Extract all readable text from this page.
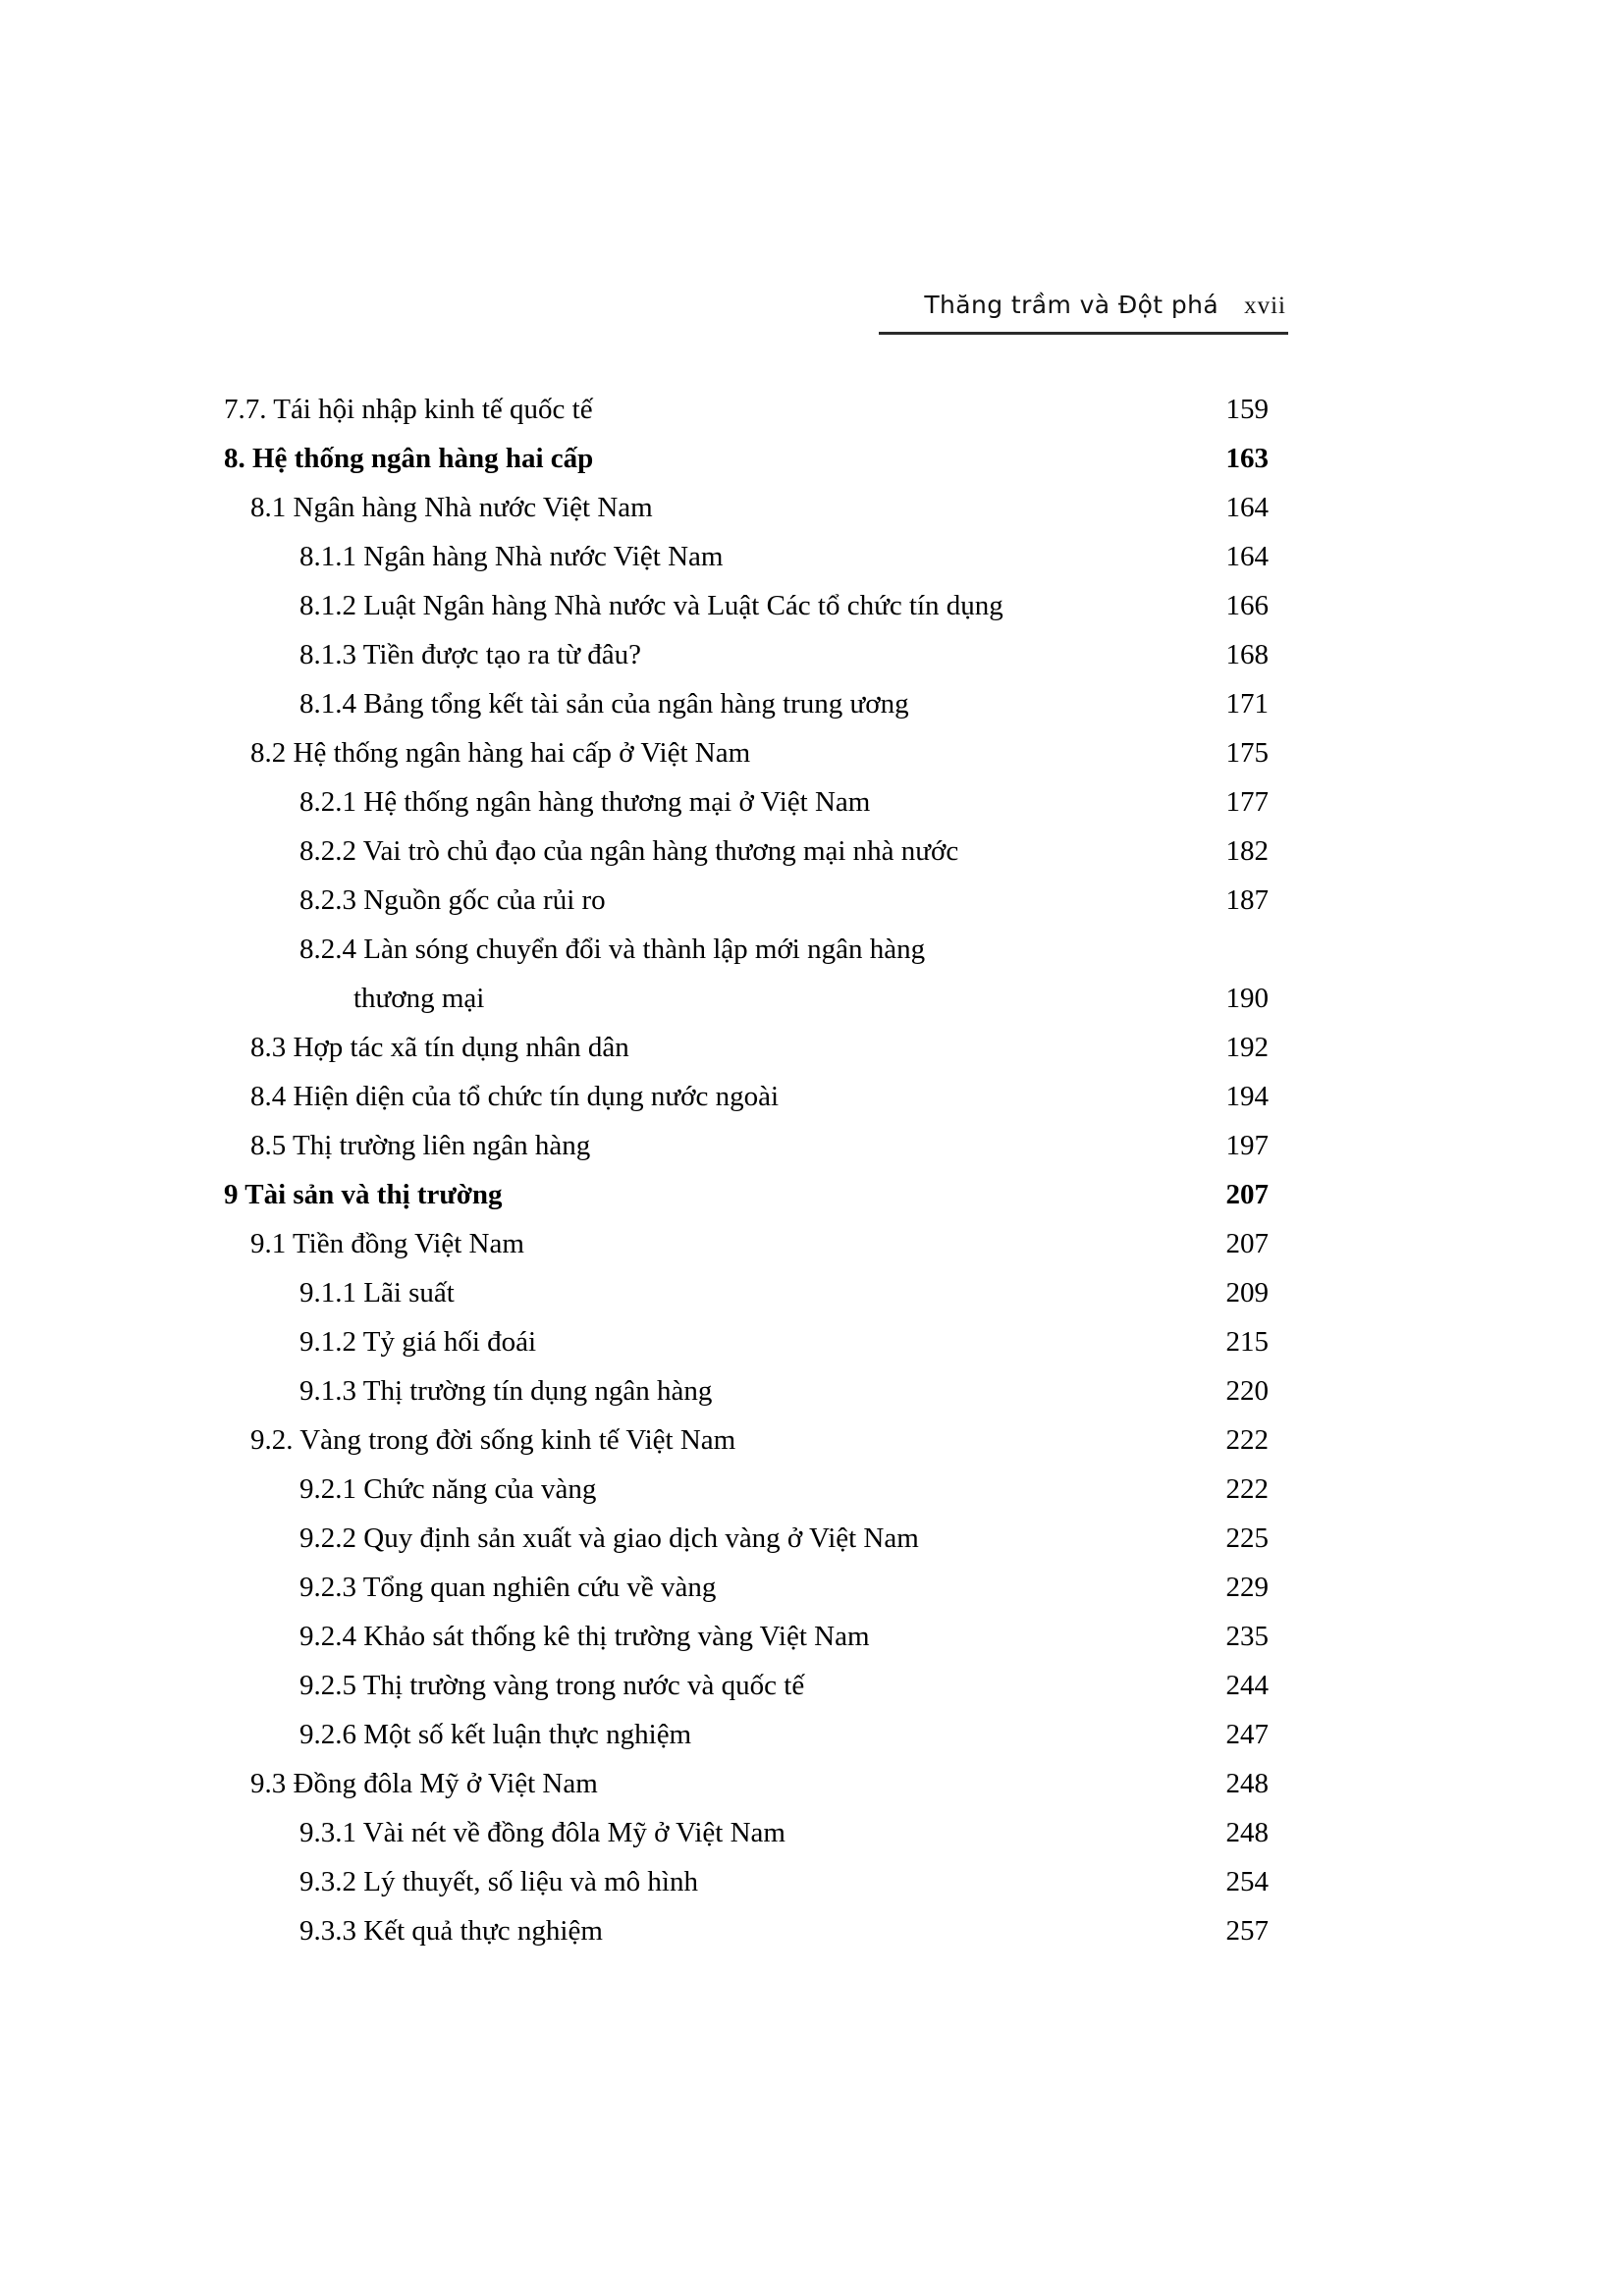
Thăng trầm và Đột phá xvii
7.7. Tái hội nhập kinh tế quốc tế .....	159
8. Hệ thống ngân hàng hai cấp .....	163
8.1 Ngân hàng Nhà nước Việt Nam .....	164
8.1.1 Ngân hàng Nhà nước Việt Nam .....	164
8.1.2 Luật Ngân hàng Nhà nước và Luật Các tổ chức tín dụng .....	166
8.1.3 Tiền được tạo ra từ đâu? .....	168
8.1.4 Bảng tổng kết tài sản của ngân hàng trung ương .....	171
8.2 Hệ thống ngân hàng hai cấp ở Việt Nam .....	175
8.2.1 Hệ thống ngân hàng thương mại ở Việt Nam .....	177
8.2.2 Vai trò chủ đạo của ngân hàng thương mại nhà nước .....	182
8.2.3 Nguồn gốc của rủi ro .....	187
8.2.4 Làn sóng chuyển đổi và thành lập mới ngân hàng
thương mại .....	190
8.3 Hợp tác xã tín dụng nhân dân .....	192
8.4 Hiện diện của tổ chức tín dụng nước ngoài .....	194
8.5 Thị trường liên ngân hàng .....	197
9 Tài sản và thị trường .....	207
9.1 Tiền đồng Việt Nam .....	207
9.1.1 Lãi suất .....	209
9.1.2 Tỷ giá hối đoái .....	215
9.1.3 Thị trường tín dụng ngân hàng .....	220
9.2. Vàng trong đời sống kinh tế Việt Nam .....	222
9.2.1 Chức năng của vàng .....	222
9.2.2 Quy định sản xuất và giao dịch vàng ở Việt Nam .....	225
9.2.3 Tổng quan nghiên cứu về vàng .....	229
9.2.4 Khảo sát thống kê thị trường vàng Việt Nam .....	235
9.2.5 Thị trường vàng trong nước và quốc tế .....	244
9.2.6 Một số kết luận thực nghiệm .....	247
9.3 Đồng đôla Mỹ ở Việt Nam .....	248
9.3.1 Vài nét về đồng đôla Mỹ ở Việt Nam .....	248
9.3.2 Lý thuyết, số liệu và mô hình .....	254
9.3.3 Kết quả thực nghiệm .....	257
